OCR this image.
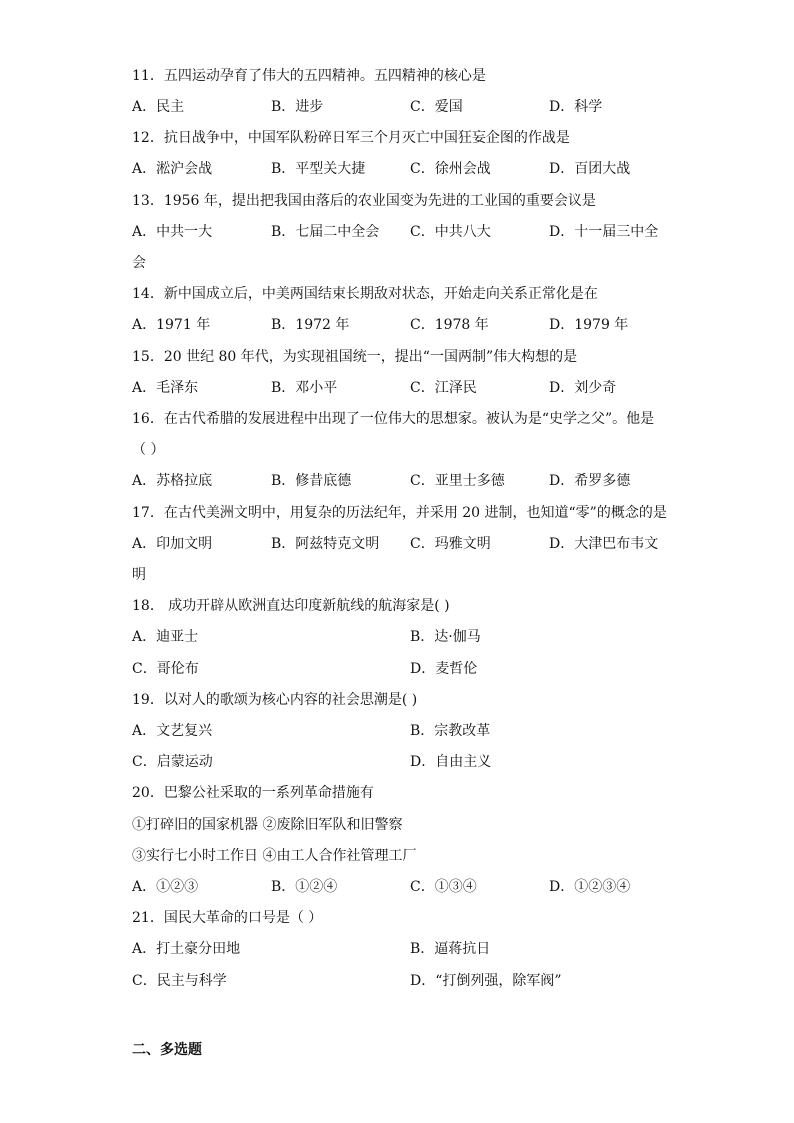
11．五四运动孕育了伟大的五四精神。五四精神的核心是
A．民主	B．进步	C．爱国	D．科学
12．抗日战争中，中国军队粉碎日军三个月灭亡中国狂妄企图的作战是
A．淞沪会战	B．平型关大捷	C．徐州会战	D．百团大战
13．1956 年，提出把我国由落后的农业国变为先进的工业国的重要会议是
A．中共一大	B．七届二中全会 C．中共八大	D．十一届三中全
会
14．新中国成立后，中美两国结束长期敌对状态，开始走向关系正常化是在
A．1971 年	B．1972 年	C．1978 年	D．1979 年
15．20 世纪 80 年代，为实现祖国统一，提出“一国两制”伟大构想的是
A．毛泽东	B．邓小平	C．江泽民	D．刘少奇
16．在古代希腊的发展进程中出现了一位伟大的思想家。被认为是“史学之父”。他是
（ ）
A．苏格拉底	B．修昔底德	C．亚里士多德	D．希罗多德
17．在古代美洲文明中，用复杂的历法纪年，并采用 20 进制，也知道“零”的概念的是
A．印加文明	B．阿兹特克文明 C．玛雅文明	D．大津巴布韦文
明
18． 成功开辟从欧洲直达印度新航线的航海家是( )
A．迪亚士	B．达·伽马
C．哥伦布	D．麦哲伦
19．以对人的歌颂为核心内容的社会思潮是( )
A．文艺复兴	B．宗教改革
C．启蒙运动	D．自由主义
20．巴黎公社采取的一系列革命措施有
①打碎旧的国家机器 ②废除旧军队和旧警察
③实行七小时工作日 ④由工人合作社管理工厂
A．①②③	B．①②④	C．①③④	D．①②③④
21．国民大革命的口号是（ ）
A．打土豪分田地	B．逼蒋抗日
C．民主与科学	D．“打倒列强，除军阀”
二、多选题
